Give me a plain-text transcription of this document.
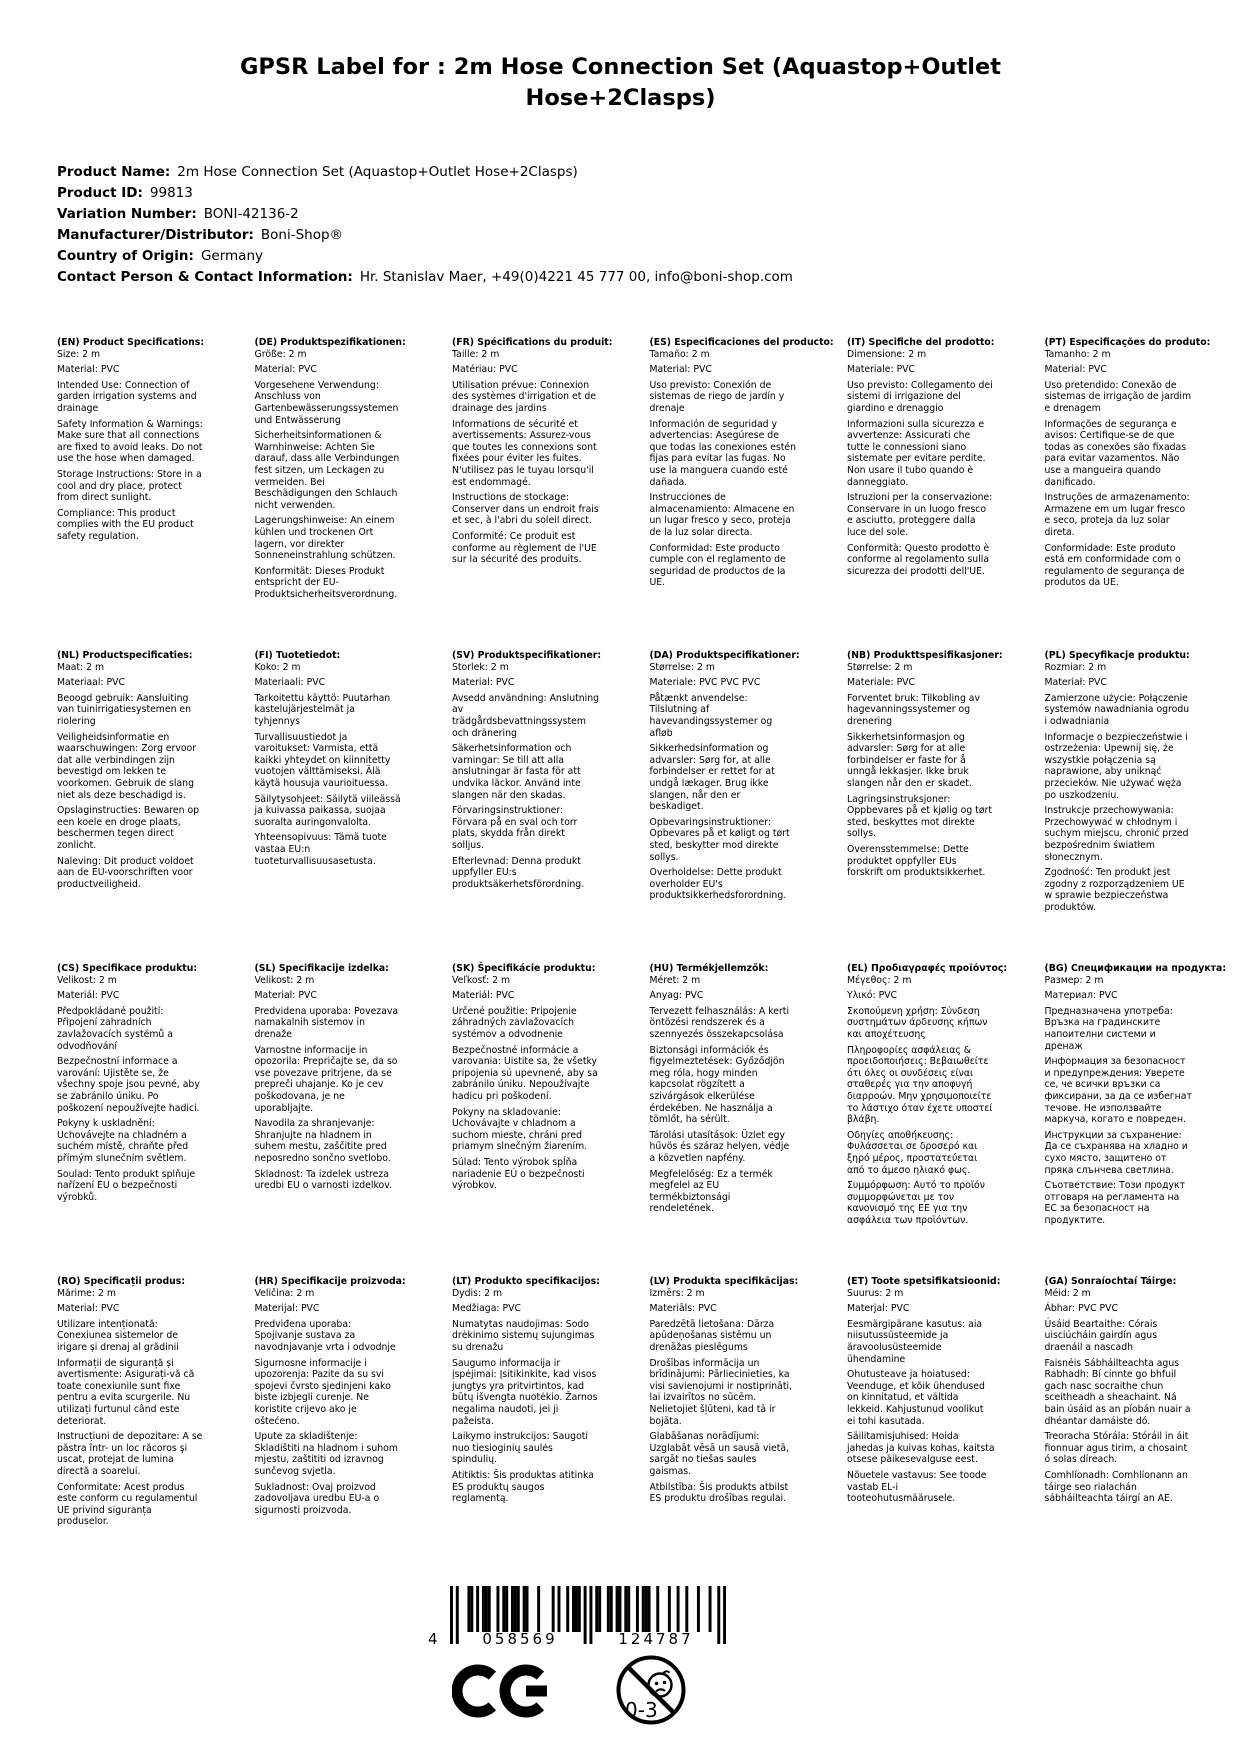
GPSR Label for : 2m Hose Connection Set (Aquastop+Outlet Hose+2Clasps)
Product Name: 2m Hose Connection Set (Aquastop+Outlet Hose+2Clasps)
Product ID: 99813
Variation Number: BONI-42136-2
Manufacturer/Distributor: Boni-Shop®
Country of Origin: Germany
Contact Person & Contact Information: Hr. Stanislav Maer, +49(0)4221 45 777 00, info@boni-shop.com
(EN) Product Specifications:

Size: 2 m

Material: PVC

Intended Use: Connection of garden irrigation systems and drainage

Safety Information & Warnings: Make sure that all connections are fixed to avoid leaks. Do not use the hose when damaged.

Storage Instructions: Store in a cool and dry place, protect from direct sunlight.

Compliance: This product complies with the EU product safety regulation.

(DE) Produktspezifikationen:

Größe: 2 m

Material: PVC

Vorgesehene Verwendung: Anschluss von Gartenbewässerungssystemen und Entwässerung

Sicherheitsinformationen & Warnhinweise: Achten Sie darauf, dass alle Verbindungen fest sitzen, um Leckagen zu vermeiden. Bei Beschädigungen den Schlauch nicht verwenden.

Lagerungshinweise: An einem kühlen und trockenen Ort lagern, vor direkter Sonneneinstrahlung schützen.

Konformität: Dieses Produkt entspricht der EU-Produktsicherheitsverordnung.

(FR) Spécifications du produit:

Taille: 2 m

Matériau: PVC

Utilisation prévue: Connexion des systèmes d'irrigation et de drainage des jardins

Informations de sécurité et avertissements: Assurez-vous que toutes les connexions sont fixées pour éviter les fuites. N'utilisez pas le tuyau lorsqu'il est endommagé.

Instructions de stockage: Conserver dans un endroit frais et sec, à l'abri du soleil direct.

Conformité: Ce produit est conforme au règlement de l'UE sur la sécurité des produits.

(ES) Especificaciones del producto:

Tamaño: 2 m

Material: PVC

Uso previsto: Conexión de sistemas de riego de jardín y drenaje

Información de seguridad y advertencias: Asegúrese de que todas las conexiones estén fijas para evitar las fugas. No use la manguera cuando esté dañada.

Instrucciones de almacenamiento: Almacene en un lugar fresco y seco, proteja de la luz solar directa.

Conformidad: Este producto cumple con el reglamento de seguridad de productos de la UE.

(IT) Specifiche del prodotto:

Dimensione: 2 m

Materiale: PVC

Uso previsto: Collegamento dei sistemi di irrigazione del giardino e drenaggio

Informazioni sulla sicurezza e avvertenze: Assicurati che tutte le connessioni siano sistemate per evitare perdite. Non usare il tubo quando è danneggiato.

Istruzioni per la conservazione: Conservare in un luogo fresco e asciutto, proteggere dalla luce del sole.

Conformità: Questo prodotto è conforme al regolamento sulla sicurezza dei prodotti dell'UE.

(PT) Especificações do produto:

Tamanho: 2 m

Material: PVC

Uso pretendido: Conexão de sistemas de irrigação de jardim e drenagem

Informações de segurança e avisos: Certifique-se de que todas as conexões são fixadas para evitar vazamentos. Não use a mangueira quando danificado.

Instruções de armazenamento: Armazene em um lugar fresco e seco, proteja da luz solar direta.

Conformidade: Este produto está em conformidade com o regulamento de segurança de produtos da UE.

(NL) Productspecificaties:

Maat: 2 m

Materiaal: PVC

Beoogd gebruik: Aansluiting van tuinirrigatiesystemen en riolering

Veiligheidsinformatie en waarschuwingen: Zorg ervoor dat alle verbindingen zijn bevestigd om lekken te voorkomen. Gebruik de slang niet als deze beschadigd is.

Opslaginstructies: Bewaren op een koele en droge plaats, beschermen tegen direct zonlicht.

Naleving: Dit product voldoet aan de EU-voorschriften voor productveiligheid.

(FI) Tuotetiedot:

Koko: 2 m

Materiaali: PVC

Tarkoitettu käyttö: Puutarhan kastelujärjestelmät ja tyhjennys

Turvallisuustiedot ja varoitukset: Varmista, että kaikki yhteydet on kiinnitetty vuotojen välttämiseksi. Älä käytä housuja vaurioituessa.

Säilytysohjeet: Säilytä viileässä ja kuivassa paikassa, suojaa suoralta auringonvalolta.

Yhteensopivuus: Tämä tuote vastaa EU:n tuoteturvallisuusasetusta.

(SV) Produktspecifikationer:

Storlek: 2 m

Material: PVC

Avsedd användning: Anslutning av trädgårdsbevattningssystem och dränering

Säkerhetsinformation och varningar: Se till att alla anslutningar är fasta för att undvika läckor. Använd inte slangen när den skadas.

Förvaringsinstruktioner: Förvara på en sval och torr plats, skydda från direkt solljus.

Efterlevnad: Denna produkt uppfyller EU:s produktsäkerhetsförordning.

(DA) Produktspecifikationer:

Størrelse: 2 m

Materiale: PVC PVC PVC

Påtænkt anvendelse: Tilslutning af havevandingssystemer og afløb

Sikkerhedsinformation og advarsler: Sørg for, at alle forbindelser er rettet for at undgå lækager. Brug ikke slangen, når den er beskadiget.

Opbevaringsinstruktioner: Opbevares på et køligt og tørt sted, beskytter mod direkte sollys.

Overholdelse: Dette produkt overholder EU's produktsikkerhedsforordning.

(NB) Produkttspesifikasjoner:

Størrelse: 2 m

Materiale: PVC

Forventet bruk: Tilkobling av hagevanningssystemer og drenering

Sikkerhetsinformasjon og advarsler: Sørg for at alle forbindelser er faste for å unngå lekkasjer. Ikke bruk slangen når den er skadet.

Lagringsinstruksjoner: Oppbevares på et kjølig og tørt sted, beskyttes mot direkte sollys.

Overensstemmelse: Dette produktet oppfyller EUs forskrift om produktsikkerhet.

(PL) Specyfikacje produktu:

Rozmiar: 2 m

Materiał: PVC

Zamierzone użycie: Połączenie systemów nawadniania ogrodu i odwadniania

Informacje o bezpieczeństwie i ostrzeżenia: Upewnij się, że wszystkie połączenia są naprawione, aby uniknąć przecieków. Nie używać węża po uszkodzeniu.

Instrukcje przechowywania: Przechowywać w chłodnym i suchym miejscu, chronić przed bezpośrednim światłem słonecznym.

Zgodność: Ten produkt jest zgodny z rozporządzeniem UE w sprawie bezpieczeństwa produktów.

(CS) Specifikace produktu:

Velikost: 2 m

Materiál: PVC

Předpokládané použití: Připojení zahradních zavlažovacích systémů a odvodňování

Bezpečnostní informace a varování: Ujistěte se, že všechny spoje jsou pevné, aby se zabránilo úniku. Po poškození nepoužívejte hadici.

Pokyny k uskladnění: Uchovávejte na chladném a suchém místě, chraňte před přímým slunečním světlem.

Soulad: Tento produkt splňuje nařízení EU o bezpečnosti výrobků.

(SL) Specifikacije izdelka:

Velikost: 2 m

Material: PVC

Predvidena uporaba: Povezava namakalnih sistemov in drenaže

Varnostne informacije in opozorila: Prepričajte se, da so vse povezave pritrjene, da se prepreči uhajanje. Ko je cev poškodovana, je ne uporabljajte.

Navodila za shranjevanje: Shranjujte na hladnem in suhem mestu, zaščitite pred neposredno sončno svetlobo.

Skladnost: Ta izdelek ustreza uredbi EU o varnosti izdelkov.

(SK) Špecifikácie produktu:

Veľkosť: 2 m

Materiál: PVC

Určené použitie: Pripojenie záhradných zavlažovacích systémov a odvodnenie

Bezpečnostné informácie a varovania: Uistite sa, že všetky pripojenia sú upevnené, aby sa zabránilo úniku. Nepoužívajte hadicu pri poškodení.

Pokyny na skladovanie: Uchovávajte v chladnom a suchom mieste, chráni pred priamym slnečným žiarením.

Súlad: Tento výrobok spĺňa nariadenie EÚ o bezpečnosti výrobkov.

(HU) Termékjellemzők:

Méret: 2 m

Anyag: PVC

Tervezett felhasználás: A kerti öntözési rendszerek és a szennyezés összekapcsolása

Biztonsági információk és figyelmeztetések: Győződjön meg róla, hogy minden kapcsolat rögzített a szivárgások elkerülése érdekében. Ne használja a tömlőt, ha sérült.

Tárolási utasítások: Üzlet egy hűvös és száraz helyen, védje a közvetlen napfény.

Megfelelőség: Ez a termék megfelel az EU termékbiztonsági rendeletének.

(EL) Προδιαγραφές προϊόντος:

Μέγεθος: 2 m

Υλικό: PVC

Σκοπούμενη χρήση: Σύνδεση συστημάτων άρδευσης κήπων και αποχέτευσης

Πληροφορίες ασφάλειας & προειδοποιήσεις: Βεβαιωθείτε ότι όλες οι συνδέσεις είναι σταθερές για την αποφυγή διαρροών. Μην χρησιμοποιείτε το λάστιχο όταν έχετε υποστεί βλάβη.

Οδηγίες αποθήκευσης: Φυλάσσεται σε δροσερό και ξηρό μέρος, προστατεύεται από το άμεσο ηλιακό φως.

Συμμόρφωση: Αυτό το προϊόν συμμορφώνεται με τον κανονισμό της ΕΕ για την ασφάλεια των προϊόντων.

(BG) Спецификации на продукта:

Размер: 2 m

Материал: PVC

Предназначена употреба: Връзка на градинските напоителни системи и дренаж

Информация за безопасност и предупреждения: Уверете се, че всички връзки са фиксирани, за да се избегнат течове. Не използвайте маркуча, когато е повреден.

Инструкции за съхранение: Да се съхранява на хладно и сухо място, защитено от пряка слънчева светлина.

Съответствие: Този продукт отговаря на регламента на ЕС за безопасност на продуктите.

(RO) Specificații produs:

Mărime: 2 m

Material: PVC

Utilizare intenționată: Conexiunea sistemelor de irigare și drenaj al grădinii

Informații de siguranță și avertismente: Asigurați-vă că toate conexiunile sunt fixe pentru a evita scurgerile. Nu utilizați furtunul când este deteriorat.

Instrucțiuni de depozitare: A se păstra într- un loc răcoros şi uscat, protejat de lumina directă a soarelui.

Conformitate: Acest produs este conform cu regulamentul UE privind siguranța produselor.

(HR) Specifikacije proizvoda:

Veličina: 2 m

Materijal: PVC

Predviđena uporaba: Spojivanje sustava za navodnjavanje vrta i odvodnje

Sigurnosne informacije i upozorenja: Pazite da su svi spojevi čvrsto sjedinjeni kako biste izbjegli curenje. Ne koristite crijevo ako je oštećeno.

Upute za skladištenje: Skladištiti na hladnom i suhom mjestu, zaštititi od izravnog sunčevog svjetla.

Sukladnost: Ovaj proizvod zadovoljava uredbu EU-a o sigurnosti proizvoda.

(LT) Produkto specifikacijos:

Dydis: 2 m

Medžiaga: PVC

Numatytas naudojimas: Sodo drėkinimo sistemų sujungimas su drenažu

Saugumo informacija ir įspėjimai: Įsitikinkite, kad visos jungtys yra pritvirtintos, kad būtų išvengta nuotėkio. Žarnos negalima naudoti, jei ji pažeista.

Laikymo instrukcijos: Saugoti nuo tiesioginių saulės spindulių.

Atitiktis: Šis produktas atitinka ES produktų saugos reglamentą.

(LV) Produkta specifikācijas:

Izmērs: 2 m

Materiāls: PVC

Paredzētā lietošana: Dārza apūdeņošanas sistēmu un drenāžas pieslēgums

Drošības informācija un brīdinājumi: Pārliecinieties, ka visi savienojumi ir nostiprināti, lai izvairītos no sūcēm. Nelietojiet šļūteni, kad tā ir bojāta.

Glabāšanas norādījumi: Uzglabāt vēsā un sausā vietā, sargāt no tiešas saules gaismas.

Atbilstība: Šis produkts atbilst ES produktu drošības regulai.

(ET) Toote spetsifikatsioonid:

Suurus: 2 m

Materjal: PVC

Eesmärgipärane kasutus: aia niisutussüsteemide ja äravoolusüsteemide ühendamine

Ohutusteave ja hoiatused: Veenduge, et kõik ühendused on kinnitatud, et vältida lekkeid. Kahjustunud voolikut ei tohi kasutada.

Säilitamisjuhised: Hoida jahedas ja kuivas kohas, kaitsta otsese päikesevalguse eest.

Nõuetele vastavus: See toode vastab EL-i tooteohutusmäärusele.

(GA) Sonraíochtaí Táirge:

Méid: 2 m

Ábhar: PVC PVC

Úsáid Beartaithe: Córais uisciúcháin gairdín agus draenáil a nascadh

Faisnéis Sábháilteachta agus Rabhadh: Bí cinnte go bhfuil gach nasc socraithe chun sceitheadh a sheachaint. Ná bain úsáid as an píobán nuair a dhéantar damáiste dó.

Treoracha Stórála: Stóráil in áit fionnuar agus tirim, a chosaint ó solas díreach.

Comhlíonadh: Comhlíonann an táirge seo rialachán sábháilteachta táirgí an AE.

4	058569	124787
0-3
